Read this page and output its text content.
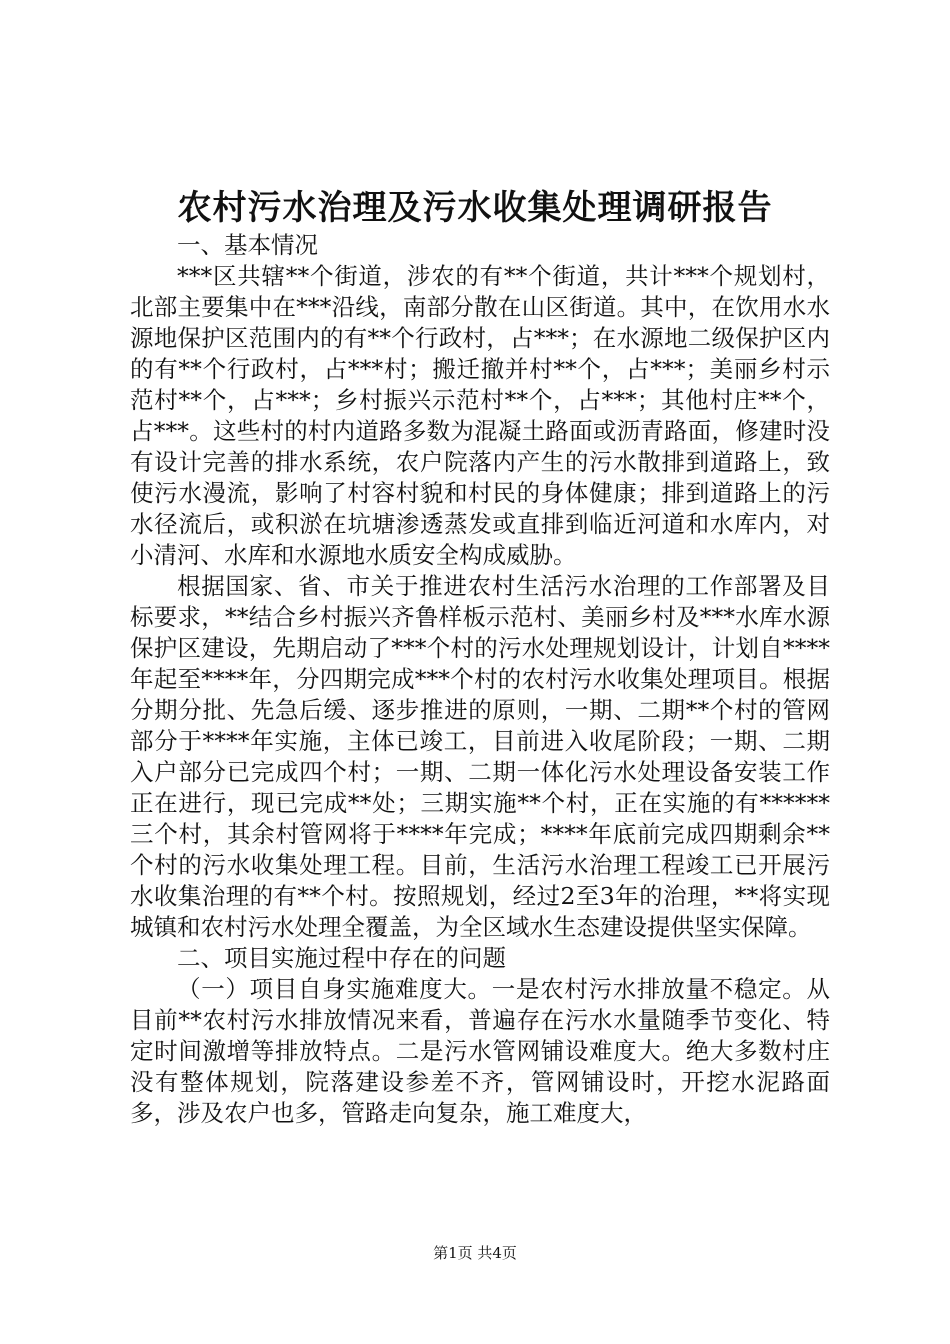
农村污水治理及污水收集处理调研报告

一、基本情况

***区共辖**个街道，涉农的有**个街道，共计***个规划村，北部主要集中在***沿线，南部分散在山区街道。其中，在饮用水水源地保护区范围内的有**个行政村，占***；在水源地二级保护区内的有**个行政村，占***村；搬迁撤并村**个，占***；美丽乡村示范村**个，占***；乡村振兴示范村**个，占***；其他村庄**个，占***。这些村的村内道路多数为混凝土路面或沥青路面，修建时没有设计完善的排水系统，农户院落内产生的污水散排到道路上，致使污水漫流，影响了村容村貌和村民的身体健康；排到道路上的污水径流后，或积淤在坑塘渗透蒸发或直排到临近河道和水库内，对小清河、水库和水源地水质安全构成威胁。

根据国家、省、市关于推进农村生活污水治理的工作部署及目标要求，**结合乡村振兴齐鲁样板示范村、美丽乡村及***水库水源保护区建设，先期启动了***个村的污水处理规划设计，计划自****年起至****年，分四期完成***个村的农村污水收集处理项目。根据分期分批、先急后缓、逐步推进的原则，一期、二期**个村的管网部分于****年实施，主体已竣工，目前进入收尾阶段；一期、二期入户部分已完成四个村；一期、二期一体化污水处理设备安装工作正在进行，现已完成**处；三期实施**个村，正在实施的有******三个村，其余村管网将于****年完成；****年底前完成四期剩余**个村的污水收集处理工程。目前，生活污水治理工程竣工已开展污水收集治理的有**个村。按照规划，经过2至3年的治理，**将实现城镇和农村污水处理全覆盖，为全区域水生态建设提供坚实保障。

二、项目实施过程中存在的问题

（一）项目自身实施难度大。一是农村污水排放量不稳定。从目前**农村污水排放情况来看，普遍存在污水水量随季节变化、特定时间激增等排放特点。二是污水管网铺设难度大。绝大多数村庄没有整体规划，院落建设参差不齐，管网铺设时，开挖水泥路面多，涉及农户也多，管路走向复杂，施工难度大，

第1页 共4页
